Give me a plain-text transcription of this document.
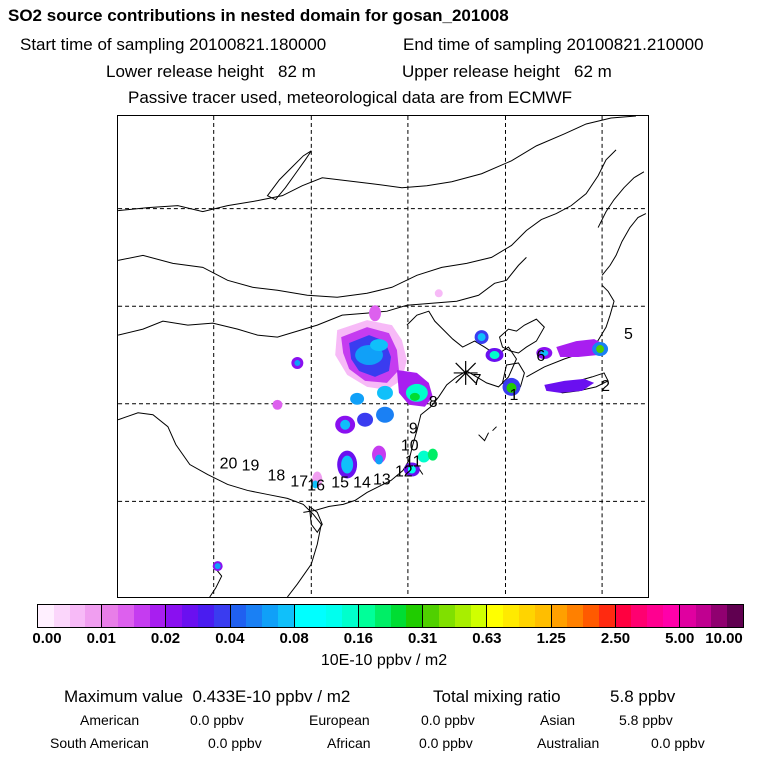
SO2 source contributions in nested domain for gosan_201008
Start time of sampling 20100821.180000	End time of sampling 20100821.210000
Lower release height 82 m	Upper release height 62 m
Passive tracer used, meteorological data are from ECMWF
1
2
5
6
7
8
9
10
11
12
13
14
15
16
17
18
19
20
0.00 0.01 0.02 0.04 0.08 0.16 0.31 0.63 1.25 2.50 5.00 10.00
10E-10 ppbv / m2
Maximum value 0.433E-10 ppbv / m2	Total mixing ratio	5.8 ppbv
American	0.0 ppbv	European	0.0 ppbv	Asian	5.8 ppbv
South American	0.0 ppbv	African	0.0 ppbv	Australian	0.0 ppbv
